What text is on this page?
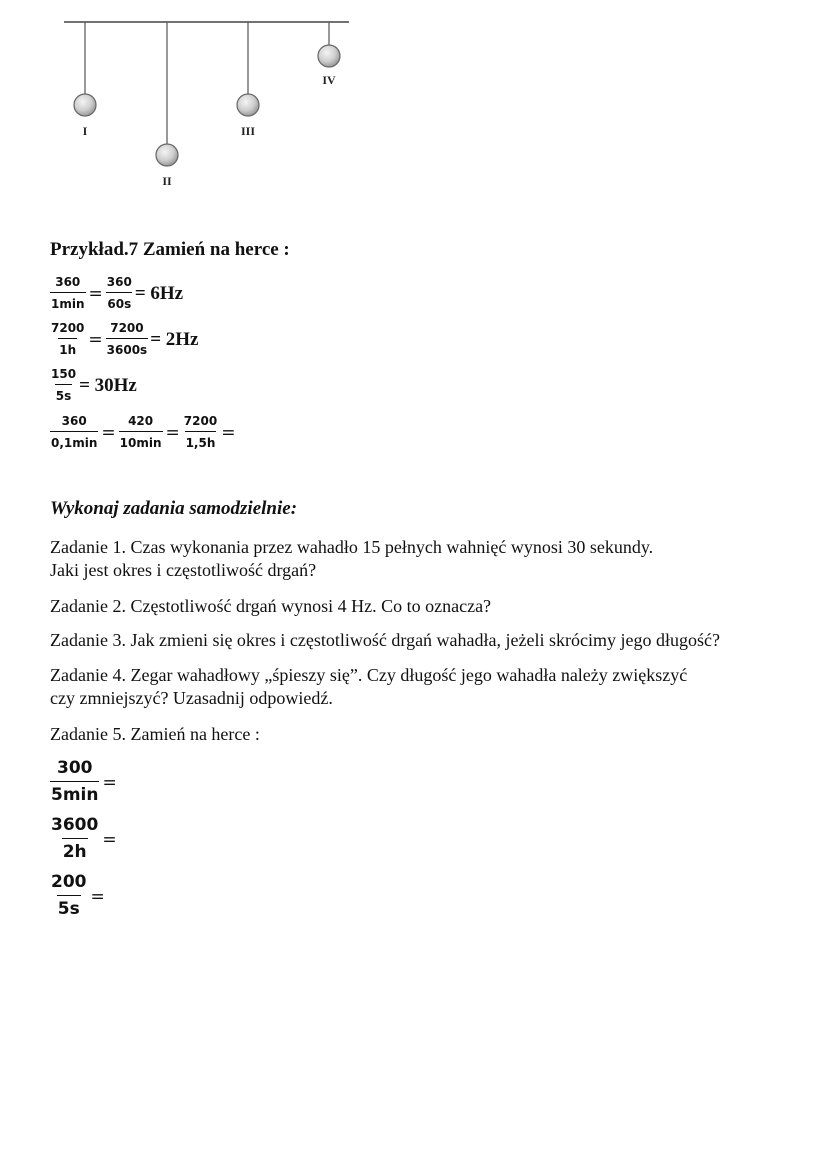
I
II
III
IV
Przykład.7 Zamień na herce :
$\frac{360}{1\min} = \frac{360}{60s} = 6Hz$
$\frac{7200}{1h} = \frac{7200}{3600s} = 2Hz$
$\frac{150}{5s} = 30Hz$
$\frac{360}{0,1\min} = \frac{420}{10\min} = \frac{7200}{1,5h}$ =
Wykonaj zadania samodzielnie:
Zadanie 1. Czas wykonania przez wahadło 15 pełnych wahnięć wynosi 30 sekundy.
Jaki jest okres i częstotliwość drgań?
Zadanie 2. Częstotliwość drgań wynosi 4 Hz. Co to oznacza?
Zadanie 3. Jak zmieni się okres i częstotliwość drgań wahadła, jeżeli skrócimy jego długość?
Zadanie 4. Zegar wahadłowy „śpieszy się”. Czy długość jego wahadła należy zwiększyć
czy zmniejszyć? Uzasadnij odpowiedź.
Zadanie 5. Zamień na herce :
$\frac{300}{5\min}$ =
$\frac{3600}{2h}$ =
$\frac{200}{5s}$ =
